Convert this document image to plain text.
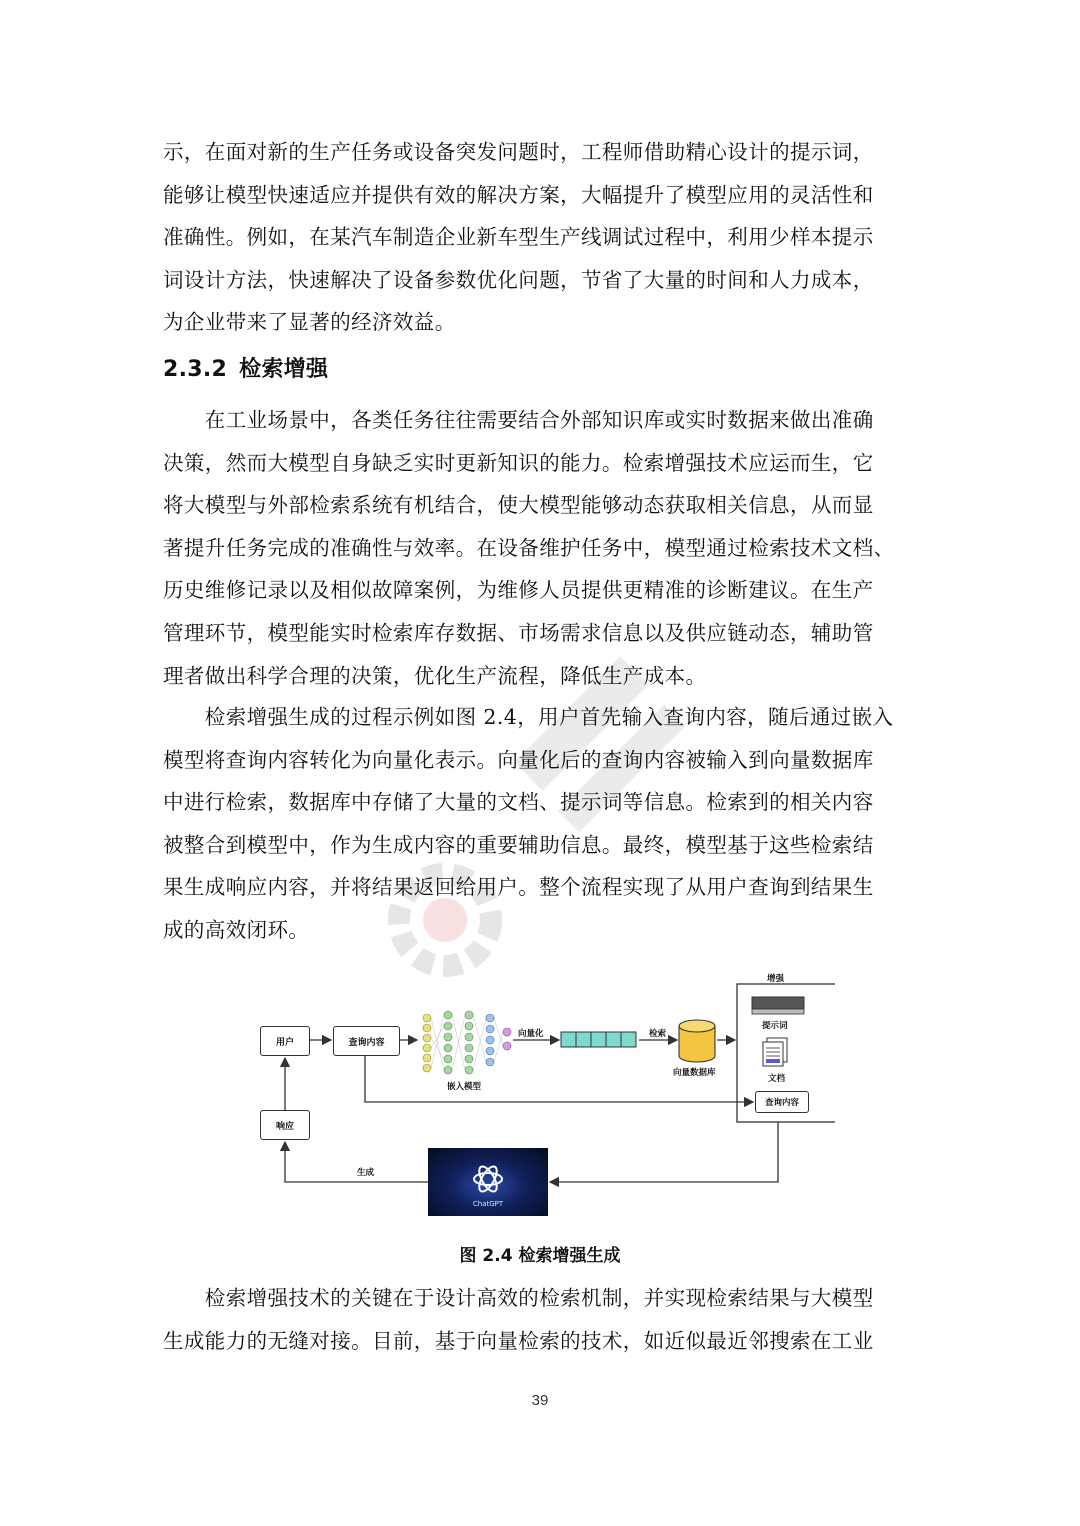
示，在面对新的生产任务或设备突发问题时，工程师借助精心设计的提示词，
能够让模型快速适应并提供有效的解决方案，大幅提升了模型应用的灵活性和
准确性。例如，在某汽车制造企业新车型生产线调试过程中，利用少样本提示
词设计方法，快速解决了设备参数优化问题，节省了大量的时间和人力成本，
为企业带来了显著的经济效益。
2.3.2 检索增强
　　在工业场景中，各类任务往往需要结合外部知识库或实时数据来做出准确
决策，然而大模型自身缺乏实时更新知识的能力。检索增强技术应运而生，它
将大模型与外部检索系统有机结合，使大模型能够动态获取相关信息，从而显
著提升任务完成的准确性与效率。在设备维护任务中，模型通过检索技术文档、
历史维修记录以及相似故障案例，为维修人员提供更精准的诊断建议。在生产
管理环节，模型能实时检索库存数据、市场需求信息以及供应链动态，辅助管
理者做出科学合理的决策，优化生产流程，降低生产成本。
　　检索增强生成的过程示例如图 2.4，用户首先输入查询内容，随后通过嵌入
模型将查询内容转化为向量化表示。向量化后的查询内容被输入到向量数据库
中进行检索，数据库中存储了大量的文档、提示词等信息。检索到的相关内容
被整合到模型中，作为生成内容的重要辅助信息。最终，模型基于这些检索结
果生成响应内容，并将结果返回给用户。整个流程实现了从用户查询到结果生
成的高效闭环。
用户	查询内容
嵌入模型
向量化	检索
向量数据库
增强
提示词
文档
查询内容
响应
生成
ChatGPT

图 2.4 检索增强生成

　　检索增强技术的关键在于设计高效的检索机制，并实现检索结果与大模型
生成能力的无缝对接。目前，基于向量检索的技术，如近似最近邻搜索在工业
39
